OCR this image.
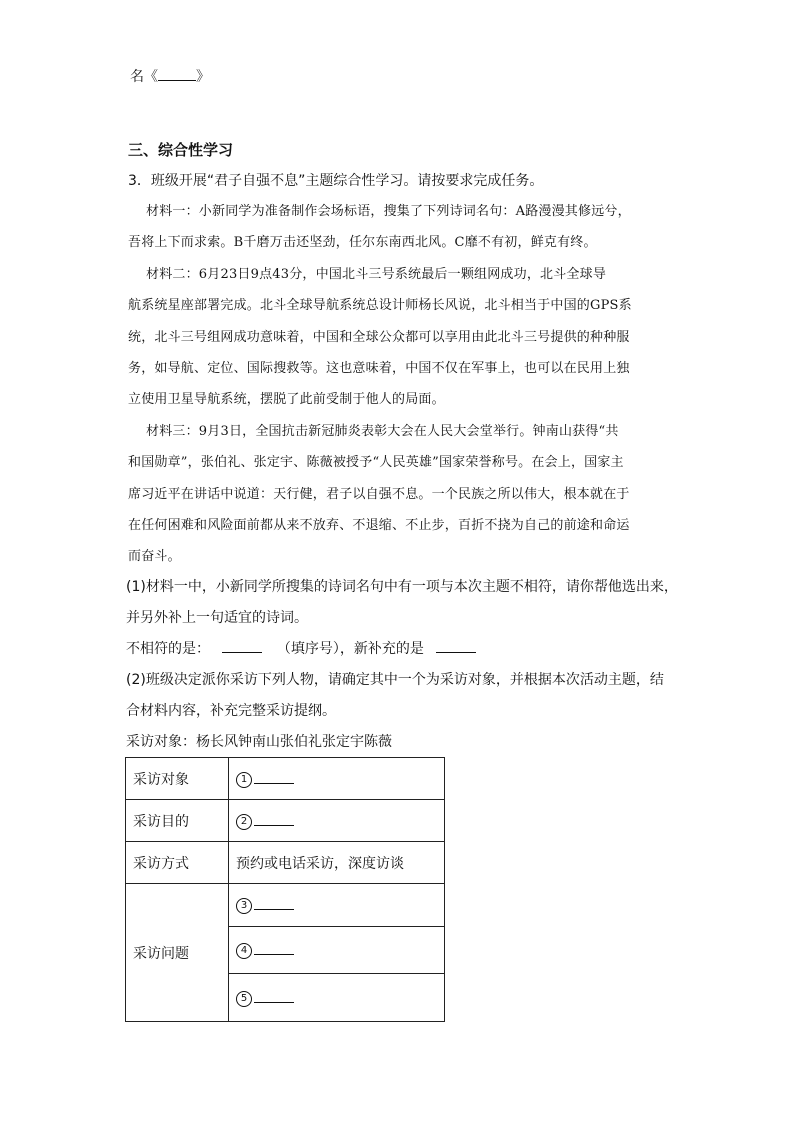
名《	》
三、综合性学习
3．班级开展“君子自强不息”主题综合性学习。请按要求完成任务。
材料一：小新同学为准备制作会场标语，搜集了下列诗词名句：A路漫漫其修远兮，
吾将上下而求索。B千磨万击还坚劲，任尔东南西北风。C靡不有初，鲜克有终。
材料二：6月23日9点43分，中国北斗三号系统最后一颗组网成功，北斗全球导
航系统星座部署完成。北斗全球导航系统总设计师杨长风说，北斗相当于中国的GPS系
统，北斗三号组网成功意味着，中国和全球公众都可以享用由此北斗三号提供的种种服
务，如导航、定位、国际搜救等。这也意味着，中国不仅在军事上，也可以在民用上独
立使用卫星导航系统，摆脱了此前受制于他人的局面。
材料三：9月3日，全国抗击新冠肺炎表彰大会在人民大会堂举行。钟南山获得“共
和国勋章”，张伯礼、张定宇、陈薇被授予“人民英雄”国家荣誉称号。在会上，国家主
席习近平在讲话中说道：天行健，君子以自强不息。一个民族之所以伟大，根本就在于
在任何困难和风险面前都从来不放弃、不退缩、不止步，百折不挠为自己的前途和命运
而奋斗。
(1)材料一中，小新同学所搜集的诗词名句中有一项与本次主题不相符，请你帮他选出来，
并另外补上一句适宜的诗词。
不相符的是：	（填序号），新补充的是
(2)班级决定派你采访下列人物，请确定其中一个为采访对象，并根据本次活动主题，结
合材料内容，补充完整采访提纲。
采访对象：杨长风钟南山张伯礼张定宇陈薇
采访对象	1
采访目的	2
采访方式	预约或电话采访，深度访谈
采访问题	3
	4
	5
